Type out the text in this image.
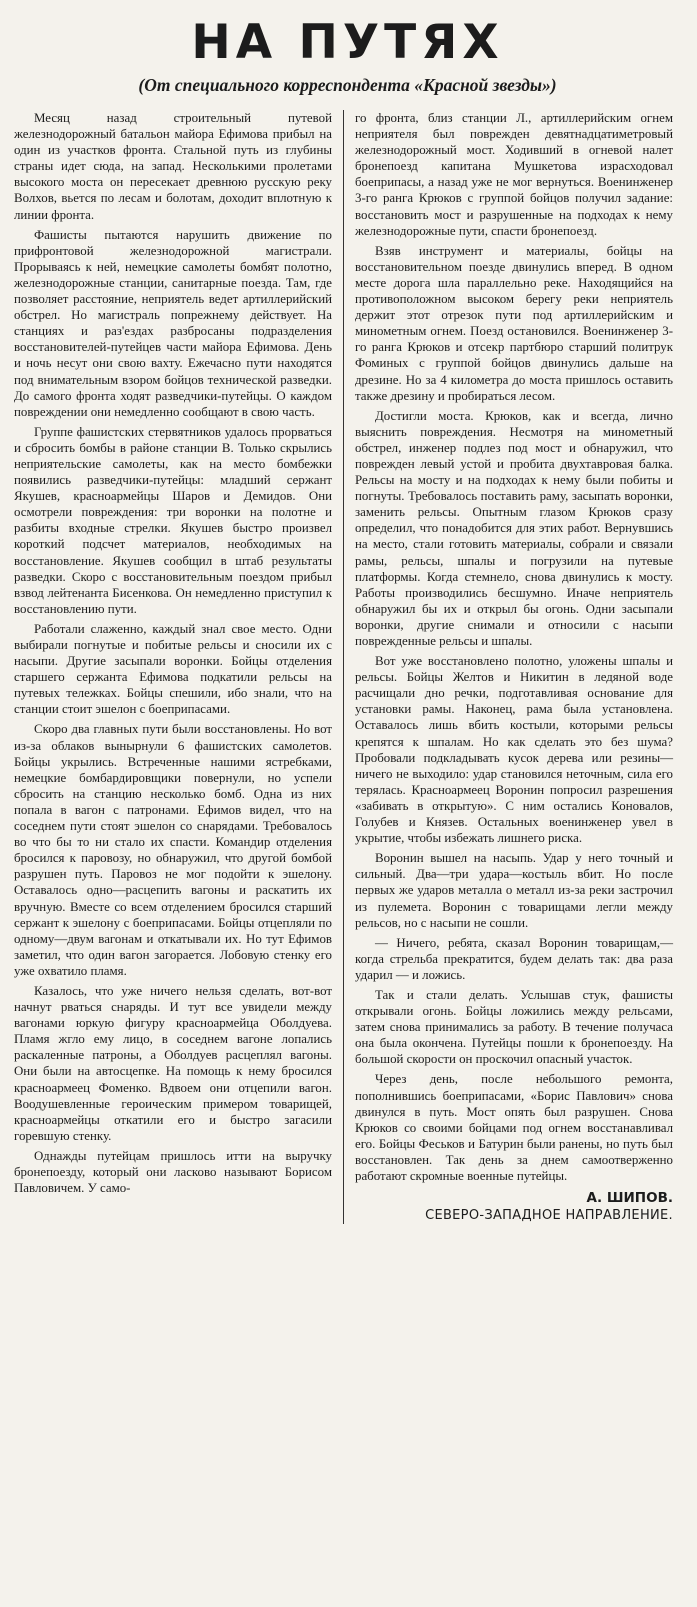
НА ПУТЯХ
(От специального корреспондента «Красной звезды»)

Месяц назад строительный путевой железнодорожный батальон майора Ефимова прибыл на один из участков фронта. Стальной путь из глубины страны идет сюда, на запад. Несколькими пролетами высокого моста он пересекает древнюю русскую реку Волхов, вьется по лесам и болотам, доходит вплотную к линии фронта.

Фашисты пытаются нарушить движение по прифронтовой железнодорожной магистрали. Прорываясь к ней, немецкие самолеты бомбят полотно, железнодорожные станции, санитарные поезда. Там, где позволяет расстояние, неприятель ведет артиллерийский обстрел. Но магистраль попрежнему действует. На станциях и раз'ездах разбросаны подразделения восстановителей-путейцев части майора Ефимова. День и ночь несут они свою вахту. Ежечасно пути находятся под внимательным взором бойцов технической разведки. До самого фронта ходят разведчики-путейцы. О каждом повреждении они немедленно сообщают в свою часть.

Группе фашистских стервятников удалось прорваться и сбросить бомбы в районе станции В. Только скрылись неприятельские самолеты, как на место бомбежки появились разведчики-путейцы: младший сержант Якушев, красноармейцы Шаров и Демидов. Они осмотрели повреждения: три воронки на полотне и разбиты входные стрелки. Якушев быстро произвел короткий подсчет материалов, необходимых на восстановление. Якушев сообщил в штаб результаты разведки. Скоро с восстановительным поездом прибыл взвод лейтенанта Бисенкова. Он немедленно приступил к восстановлению пути.

Работали слаженно, каждый знал свое место. Одни выбирали погнутые и побитые рельсы и сносили их с насыпи. Другие засыпали воронки. Бойцы отделения старшего сержанта Ефимова подкатили рельсы на путевых тележках. Бойцы спешили, ибо знали, что на станции стоит эшелон с боеприпасами.

Скоро два главных пути были восстановлены. Но вот из-за облаков вынырнули 6 фашистских самолетов. Бойцы укрылись. Встреченные нашими ястребками, немецкие бомбардировщики повернули, но успели сбросить на станцию несколько бомб. Одна из них попала в вагон с патронами. Ефимов видел, что на соседнем пути стоят эшелон со снарядами. Требовалось во что бы то ни стало их спасти. Командир отделения бросился к паровозу, но обнаружил, что другой бомбой разрушен путь. Паровоз не мог подойти к эшелону. Оставалось одно—расцепить вагоны и раскатить их вручную. Вместе со всем отделением бросился старший сержант к эшелону с боеприпасами. Бойцы отцепляли по одному—двум вагонам и откатывали их. Но тут Ефимов заметил, что один вагон загорается. Лобовую стенку его уже охватило пламя.

Казалось, что уже ничего нельзя сделать, вот-вот начнут рваться снаряды. И тут все увидели между вагонами юркую фигуру красноармейца Оболдуева. Пламя жгло ему лицо, в соседнем вагоне лопались раскаленные патроны, а Оболдуев расцеплял вагоны. Они были на автосцепке. На помощь к нему бросился красноармеец Фоменко. Вдвоем они отцепили вагон. Воодушевленные героическим примером товарищей, красноармейцы откатили его и быстро загасили горевшую стенку.

Однажды путейцам пришлось итти на выручку бронепоезду, который они ласково называют Борисом Павловичем. У само-

го фронта, близ станции Л., артиллерийским огнем неприятеля был поврежден девятнадцатиметровый железнодорожный мост. Ходивший в огневой налет бронепоезд капитана Мушкетова израсходовал боеприпасы, а назад уже не мог вернуться. Военинженер 3-го ранга Крюков с группой бойцов получил задание: восстановить мост и разрушенные на подходах к нему железнодорожные пути, спасти бронепоезд.

Взяв инструмент и материалы, бойцы на восстановительном поезде двинулись вперед. В одном месте дорога шла параллельно реке. Находящийся на противоположном высоком берегу реки неприятель держит этот отрезок пути под артиллерийским и минометным огнем. Поезд остановился. Военинженер 3-го ранга Крюков и отсекр партбюро старший политрук Фоминых с группой бойцов двинулись дальше на дрезине. Но за 4 километра до моста пришлось оставить также дрезину и пробираться лесом.

Достигли моста. Крюков, как и всегда, лично выяснить повреждения. Несмотря на минометный обстрел, инженер подлез под мост и обнаружил, что поврежден левый устой и пробита двухтавровая балка. Рельсы на мосту и на подходах к нему были побиты и погнуты. Требовалось поставить раму, засыпать воронки, заменить рельсы. Опытным глазом Крюков сразу определил, что понадобится для этих работ. Вернувшись на место, стали готовить материалы, собрали и связали рамы, рельсы, шпалы и погрузили на путевые платформы. Когда стемнело, снова двинулись к мосту. Работы производились бесшумно. Иначе неприятель обнаружил бы их и открыл бы огонь. Одни засыпали воронки, другие снимали и относили с насыпи поврежденные рельсы и шпалы.

Вот уже восстановлено полотно, уложены шпалы и рельсы. Бойцы Желтов и Никитин в ледяной воде расчищали дно речки, подготавливая основание для установки рамы. Наконец, рама была установлена. Оставалось лишь вбить костыли, которыми рельсы крепятся к шпалам. Но как сделать это без шума? Пробовали подкладывать кусок дерева или резины—ничего не выходило: удар становился неточным, сила его терялась. Красноармеец Воронин попросил разрешения «забивать в открытую». С ним остались Коновалов, Голубев и Князев. Остальных военинженер увел в укрытие, чтобы избежать лишнего риска.

Воронин вышел на насыпь. Удар у него точный и сильный. Два—три удара—костыль вбит. Но после первых же ударов металла о металл из-за реки застрочил из пулемета. Воронин с товарищами легли между рельсов, но с насыпи не сошли.

— Ничего, ребята, сказал Воронин товарищам,— когда стрельба прекратится, будем делать так: два раза ударил — и ложись.

Так и стали делать. Услышав стук, фашисты открывали огонь. Бойцы ложились между рельсами, затем снова принимались за работу. В течение получаса она была окончена. Путейцы пошли к бронепоезду. На большой скорости он проскочил опасный участок.

Через день, после небольшого ремонта, пополнившись боеприпасами, «Борис Павлович» снова двинулся в путь. Мост опять был разрушен. Снова Крюков со своими бойцами под огнем восстанавливал его. Бойцы Феськов и Батурин были ранены, но путь был восстановлен. Так день за днем самоотверженно работают скромные военные путейцы.

А. ШИПОВ.
СЕВЕРО-ЗАПАДНОЕ НАПРАВЛЕНИЕ.
